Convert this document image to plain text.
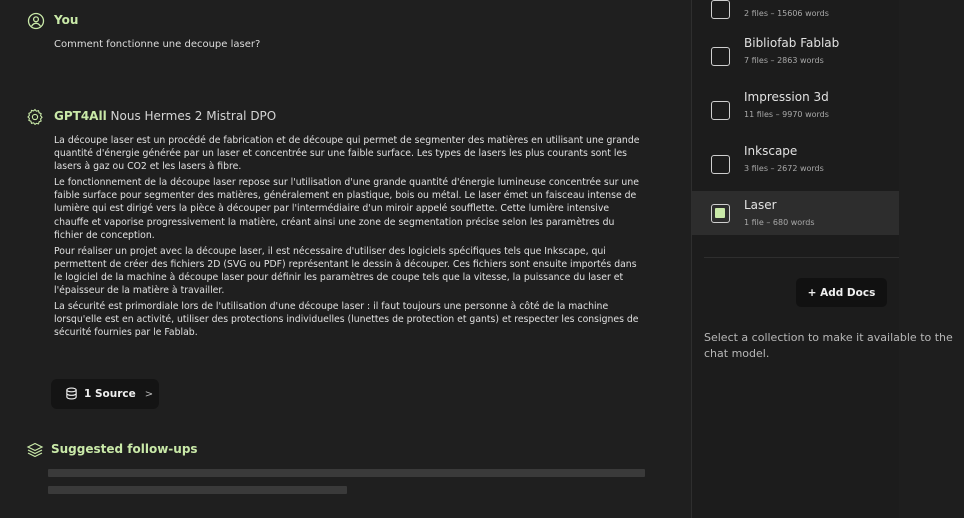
You
Comment fonctionne une decoupe laser?
GPT4All Nous Hermes 2 Mistral DPO

La découpe laser est un procédé de fabrication et de découpe qui permet de segmenter des matières en utilisant une grande quantité d'énergie générée par un laser et concentrée sur une faible surface. Les types de lasers les plus courants sont les lasers à gaz ou CO2 et les lasers à fibre.

Le fonctionnement de la découpe laser repose sur l'utilisation d'une grande quantité d'énergie lumineuse concentrée sur une faible surface pour segmenter des matières, généralement en plastique, bois ou métal. Le laser émet un faisceau intense de lumière qui est dirigé vers la pièce à découper par l'intermédiaire d'un miroir appelé soufflette. Cette lumière intensive chauffe et vaporise progressivement la matière, créant ainsi une zone de segmentation précise selon les paramètres du fichier de conception.

Pour réaliser un projet avec la découpe laser, il est nécessaire d'utiliser des logiciels spécifiques tels que Inkscape, qui permettent de créer des fichiers 2D (SVG ou PDF) représentant le dessin à découper. Ces fichiers sont ensuite importés dans le logiciel de la machine à découpe laser pour définir les paramètres de coupe tels que la vitesse, la puissance du laser et l'épaisseur de la matière à travailler.

La sécurité est primordiale lors de l'utilisation d'une découpe laser : il faut toujours une personne à côté de la machine lorsqu'elle est en activité, utiliser des protections individuelles (lunettes de protection et gants) et respecter les consignes de sécurité fournies par le Fablab.

1 Source >
Suggested follow-ups
2 files – 15606 words
Bibliofab Fablab
7 files – 2863 words
Impression 3d
11 files – 9970 words
Inkscape
3 files – 2672 words
Laser
1 file – 680 words
+ Add Docs
Select a collection to make it available to the chat model.
